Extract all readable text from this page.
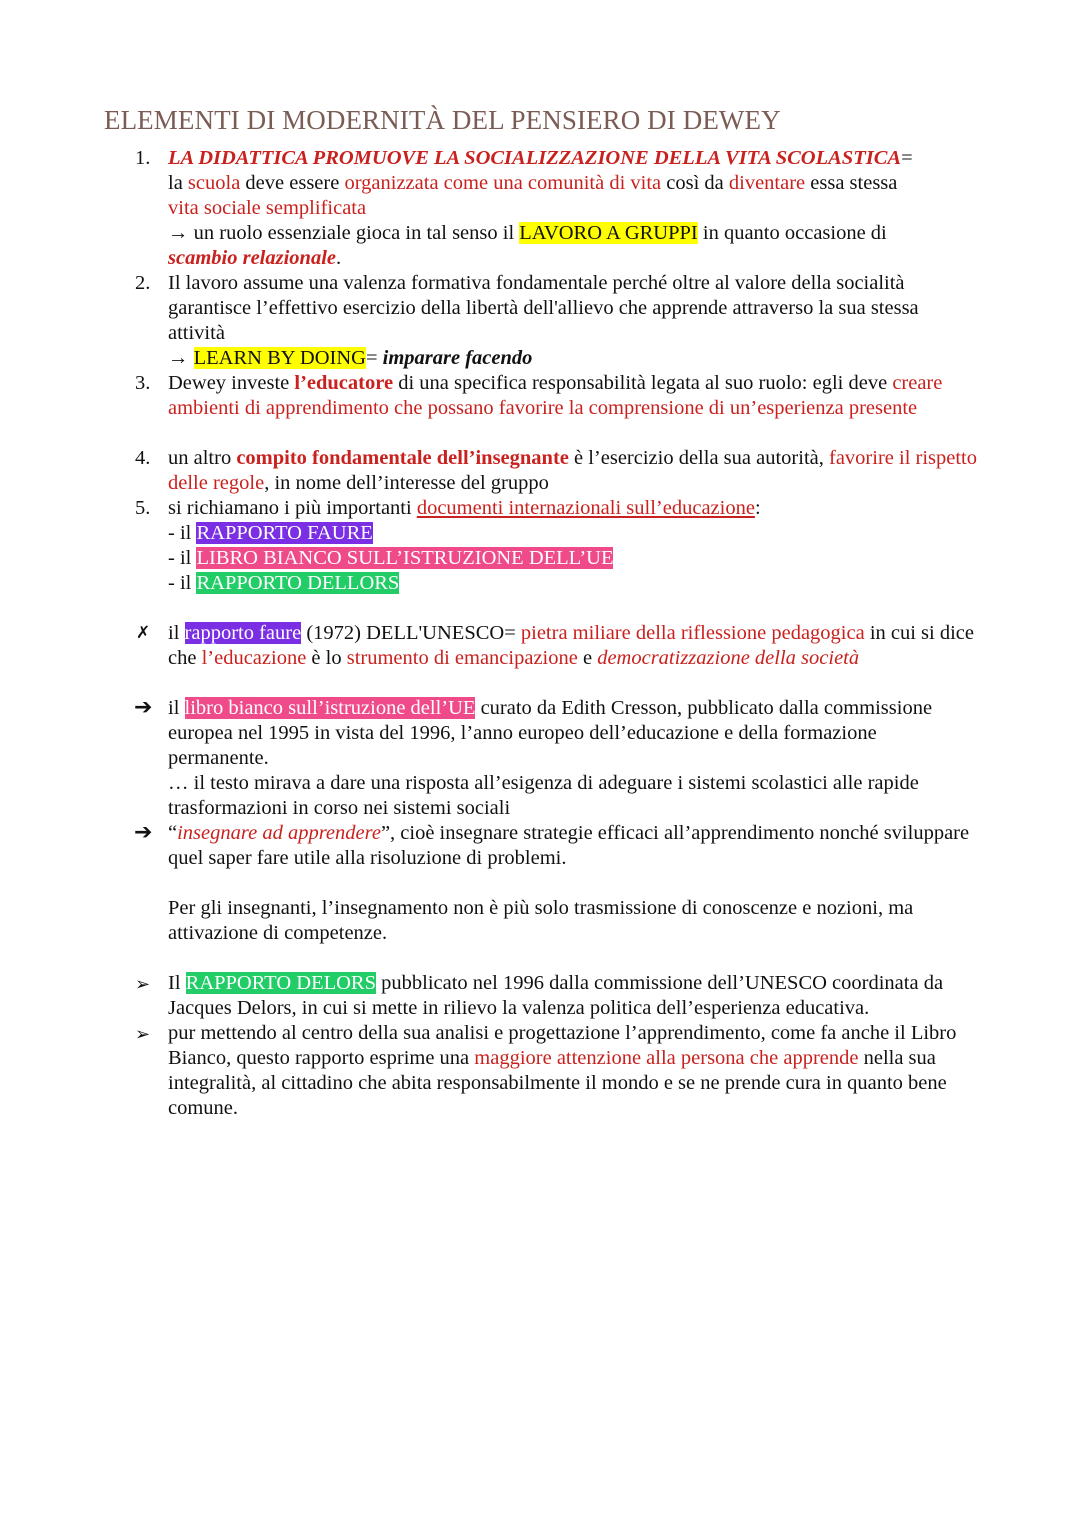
ELEMENTI DI MODERNITÀ DEL PENSIERO DI DEWEY
1. LA DIDATTICA PROMUOVE LA SOCIALIZZAZIONE DELLA VITA SCOLASTICA=
la scuola deve essere organizzata come una comunità di vita così da diventare essa stessa
vita sociale semplificata
→ un ruolo essenziale gioca in tal senso il LAVORO A GRUPPI in quanto occasione di
scambio relazionale.

2. Il lavoro assume una valenza formativa fondamentale perché oltre al valore della socialità garantisce l’effettivo esercizio della libertà dell'allievo che apprende attraverso la sua stessa attività
→ LEARN BY DOING= imparare facendo

3. Dewey investe l’educatore di una specifica responsabilità legata al suo ruolo: egli deve creare ambienti di apprendimento che possano favorire la comprensione di un’esperienza presente

4. un altro compito fondamentale dell’insegnante è l’esercizio della sua autorità, favorire il rispetto delle regole, in nome dell’interesse del gruppo

5. si richiamano i più importanti documenti internazionali sull’educazione:
- il RAPPORTO FAURE
- il LIBRO BIANCO SULL’ISTRUZIONE DELL’UE
- il RAPPORTO DELLORS

✗ il rapporto faure (1972) DELL'UNESCO= pietra miliare della riflessione pedagogica in cui si dice che l’educazione è lo strumento di emancipazione e democratizzazione della società

➔ il libro bianco sull’istruzione dell’UE curato da Edith Cresson, pubblicato dalla commissione europea nel 1995 in vista del 1996, l’anno europeo dell’educazione e della formazione permanente.

… il testo mirava a dare una risposta all’esigenza di adeguare i sistemi scolastici alle rapide trasformazioni in corso nei sistemi sociali

➔ “insegnare ad apprendere”, cioè insegnare strategie efficaci all’apprendimento nonché sviluppare quel saper fare utile alla risoluzione di problemi.

Per gli insegnanti, l’insegnamento non è più solo trasmissione di conoscenze e nozioni, ma attivazione di competenze.

➢ Il RAPPORTO DELORS pubblicato nel 1996 dalla commissione dell’UNESCO coordinata da Jacques Delors, in cui si mette in rilievo la valenza politica dell’esperienza educativa.

➢ pur mettendo al centro della sua analisi e progettazione l’apprendimento, come fa anche il Libro Bianco, questo rapporto esprime una maggiore attenzione alla persona che apprende nella sua integralità, al cittadino che abita responsabilmente il mondo e se ne prende cura in quanto bene comune.
